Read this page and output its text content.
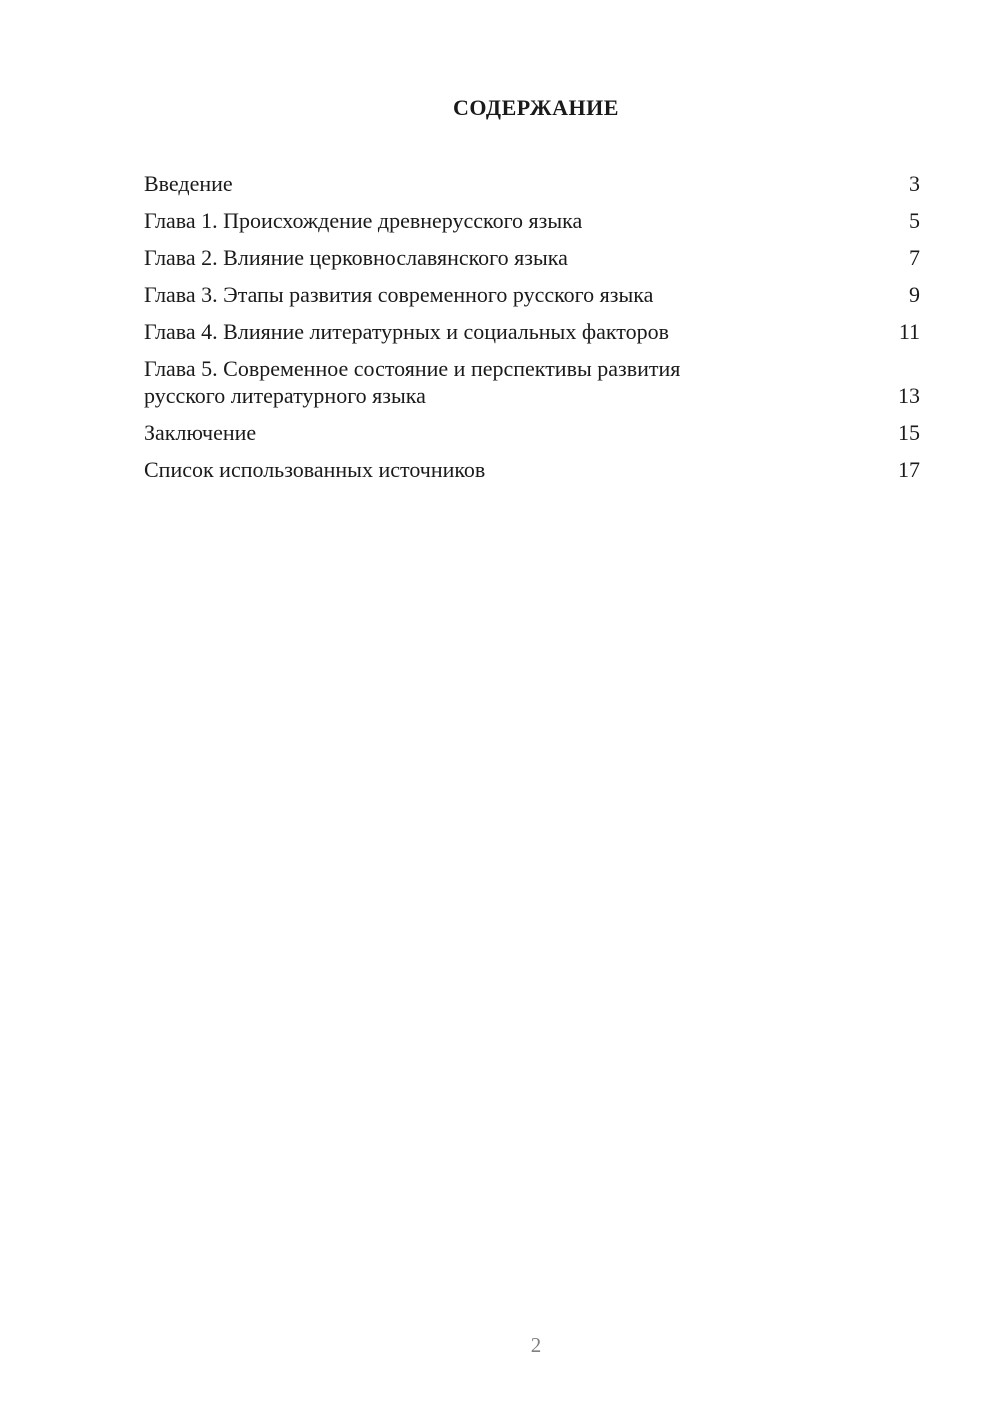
СОДЕРЖАНИЕ
Введение	3
Глава 1. Происхождение древнерусского языка	5
Глава 2. Влияние церковнославянского языка	7
Глава 3. Этапы развития современного русского языка	9
Глава 4. Влияние литературных и социальных факторов	11
Глава 5. Современное состояние и перспективы развития русского литературного языка	13
Заключение	15
Список использованных источников	17
2
